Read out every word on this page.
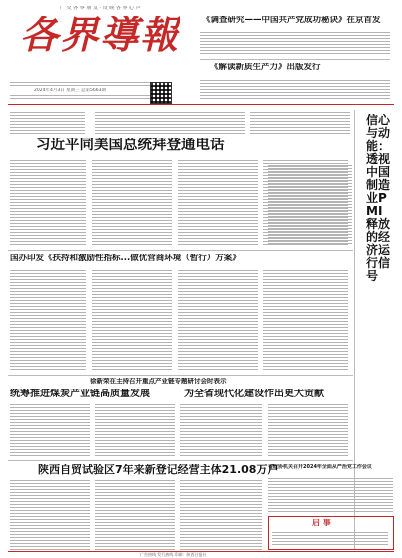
广 交 各 界 朋 友 · 反 映 各 界 心 声
各界導報
2024年4月3日 星期三 总第5663期
《调查研究——中国共产党成功秘诀》在京首发
《解读新质生产力》出版发行
习近平同美国总统拜登通电话
国办印发《扶持和激励性指标...做优营商环境（暂行）方案》
徐新荣在主持召开重点产业链专题研讨会时表示
统筹推进煤炭产业链高质量发展	为全省现代化建设作出更大贡献
陕西自贸试验区7年来新登记经营主体21.08万户
信心与动能：透视中国制造业PMI释放的经济运行信号
省政协机关召开2024年全面从严治党工作会议
启 事
广告热线 发行热线 印刷：陕西日报社
